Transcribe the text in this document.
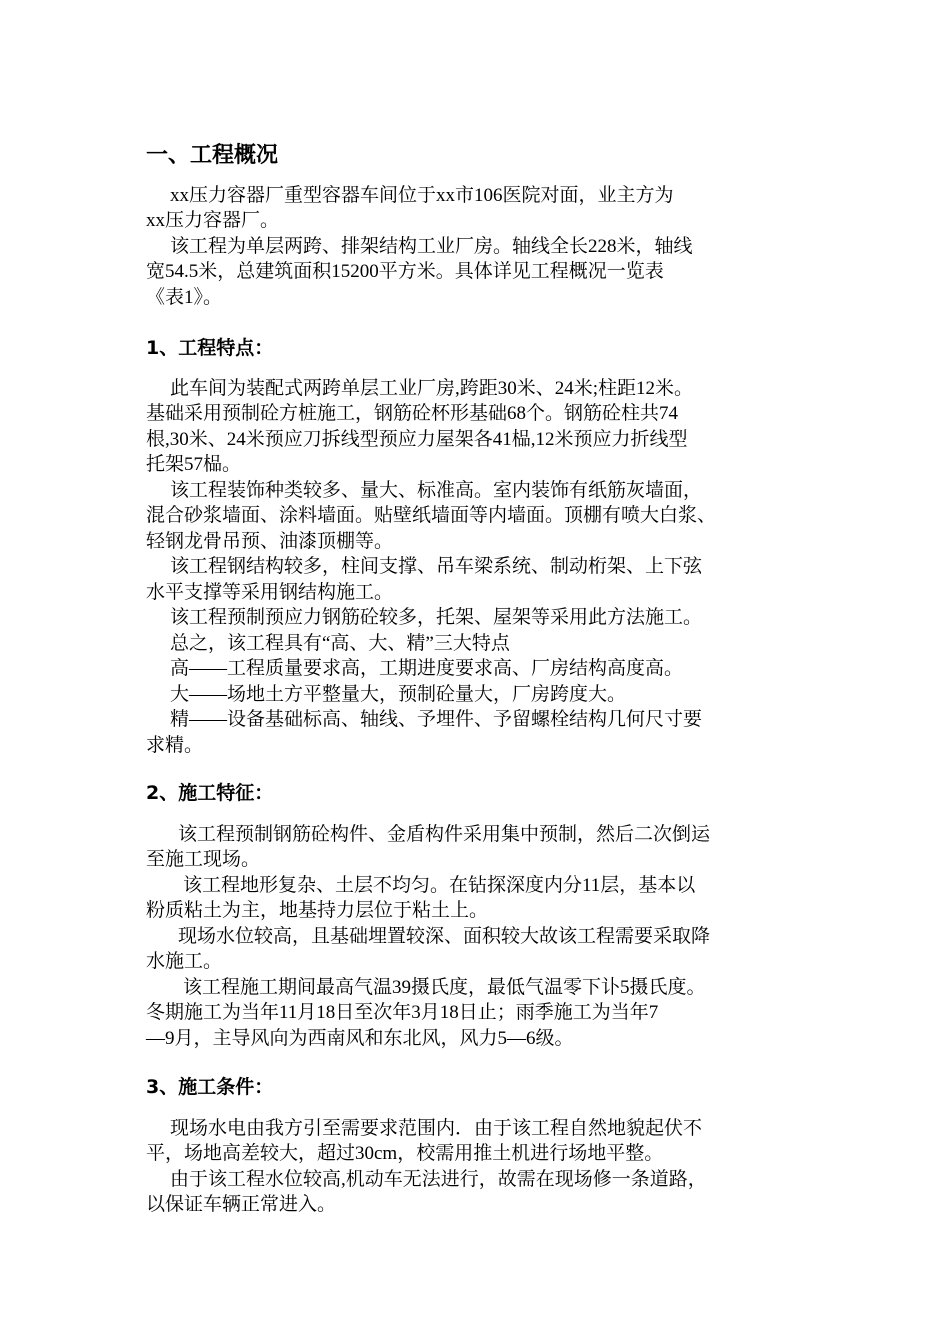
一、工程概况
xx压力容器厂重型容器车间位于xx市106医院对面，业主方为
xx压力容器厂。
该工程为单层两跨、排架结构工业厂房。轴线全长228米，轴线
宽54.5米，总建筑面积15200平方米。具体详见工程概况一览表
《表1》。
1、工程特点：
此车间为装配式两跨单层工业厂房,跨距30米、24米;柱距12米。
基础采用预制砼方桩施工，钢筋砼杯形基础68个。钢筋砼柱共74
根,30米、24米预应刀拆线型预应力屋架各41榀,12米预应力折线型
托架57榀。
该工程装饰种类较多、量大、标准高。室内装饰有纸筋灰墙面，
混合砂浆墙面、涂料墙面。贴壁纸墙面等内墙面。顶棚有喷大白浆、
轻钢龙骨吊预、油漆顶棚等。
该工程钢结构较多，柱间支撑、吊车梁系统、制动桁架、上下弦
水平支撑等采用钢结构施工。
该工程预制预应力钢筋砼较多，托架、屋架等采用此方法施工。
总之，该工程具有“高、大、精”三大特点
高——工程质量要求高，工期进度要求高、厂房结构高度高。
大——场地土方平整量大，预制砼量大，厂房跨度大。
精——设备基础标高、轴线、予埋件、予留螺栓结构几何尺寸要
求精。
2、施工特征：
该工程预制钢筋砼构件、金盾构件采用集中预制，然后二次倒运
至施工现场。
该工程地形复杂、土层不均匀。在钻探深度内分11层，基本以
粉质粘土为主，地基持力层位于粘土上。
现场水位较高，且基础埋置较深、面积较大故该工程需要采取降
水施工。
该工程施工期间最高气温39摄氏度，最低气温零下讣5摄氏度。
冬期施工为当年11月18日至次年3月18日止；雨季施工为当年7
—9月，主导风向为西南风和东北风，风力5—6级。
3、施工条件：
现场水电由我方引至需要求范围内．由于该工程自然地貌起伏不
平，场地高差较大，超过30cm，校需用推土机进行场地平整。
由于该工程水位较高,机动车无法进行，故需在现场修一条道路，
以保证车辆正常进入。
